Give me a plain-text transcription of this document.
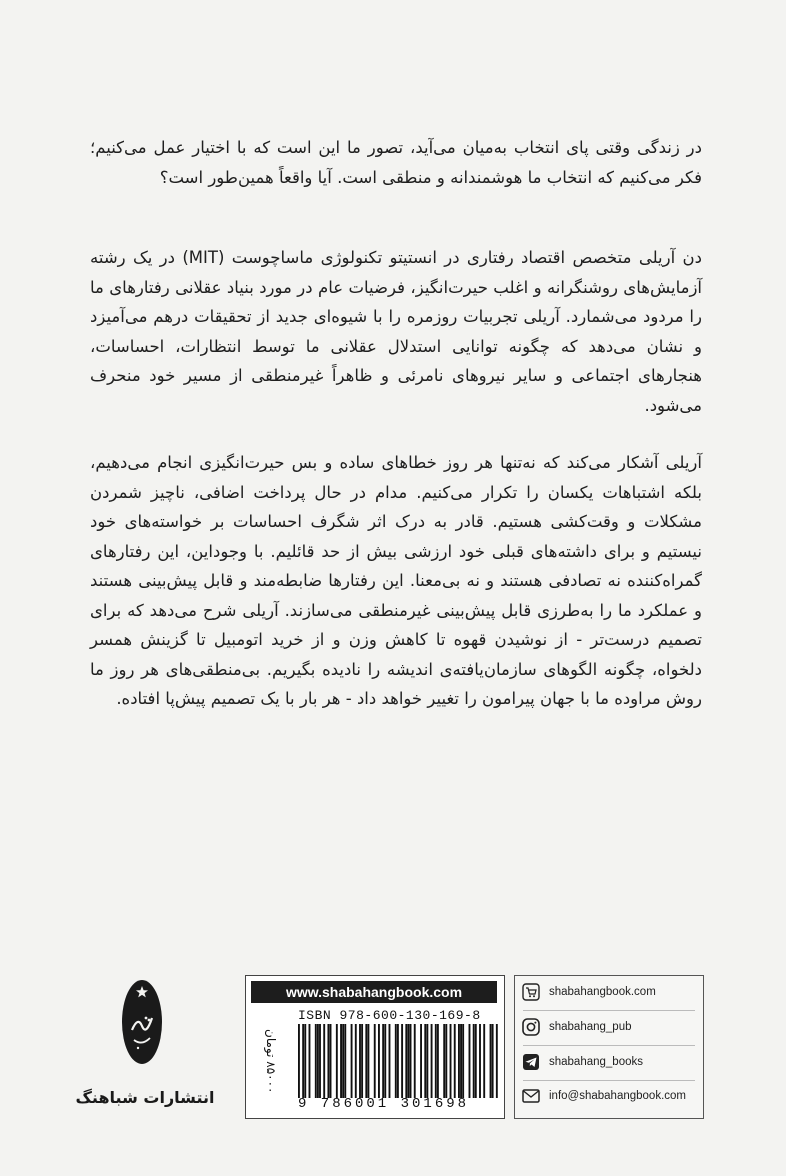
در زندگی وقتی پای انتخاب به‌میان می‌آید، تصور ما این است که با اختیار عمل می‌کنیم؛ فکر می‌کنیم که انتخاب ما هوشمندانه و منطقی است. آیا واقعاً همین‌طور است؟

دن آریلی متخصص اقتصاد رفتاری در انستیتو تکنولوژی ماساچوست (MIT) در یک رشته آزمایش‌های روشنگرانه و اغلب حیرت‌انگیز، فرضیات عام در مورد بنیاد عقلانی رفتارهای ما را مردود می‌شمارد. آریلی تجربیات روزمره را با شیوه‌ای جدید از تحقیقات درهم می‌آمیزد و نشان می‌دهد که چگونه توانایی استدلال عقلانی ما توسط انتظارات، احساسات، هنجارهای اجتماعی و سایر نیروهای نامرئی و ظاهراً غیرمنطقی از مسیر خود منحرف می‌شود.

آریلی آشکار می‌کند که نه‌تنها هر روز خطاهای ساده و بس حیرت‌انگیزی انجام می‌دهیم، بلکه اشتباهات یکسان را تکرار می‌کنیم. مدام در حال پرداخت اضافی، ناچیز شمردن مشکلات و وقت‌کشی هستیم. قادر به درک اثر شگرف احساسات بر خواسته‌های خود نیستیم و برای داشته‌های قبلی خود ارزشی بیش از حد قائلیم. با وجوداین، این رفتارهای گمراه‌کننده نه تصادفی هستند و نه بی‌معنا. این رفتارها ضابطه‌مند و قابل پیش‌بینی هستند و عملکرد ما را به‌طرزی قابل پیش‌بینی غیرمنطقی می‌سازند. آریلی شرح می‌دهد که برای تصمیم درست‌تر - از نوشیدن قهوه تا کاهش وزن و از خرید اتومبیل تا گزینش همسر دلخواه، چگونه الگوهای سازمان‌یافته‌ی اندیشه را نادیده بگیریم. بی‌منطقی‌های هر روز ما روش مراوده ما با جهان پیرامون را تغییر خواهد داد - هر بار با یک تصمیم پیش‌پا افتاده.

shabahangbook.com
shabahang_pub
shabahang_books
info@shabahangbook.com
www.shabahangbook.com
ISBN 978-600-130-169-8
9 786001 301698
۸۵۰۰۰ تومان
انتشارات شباهنگ
